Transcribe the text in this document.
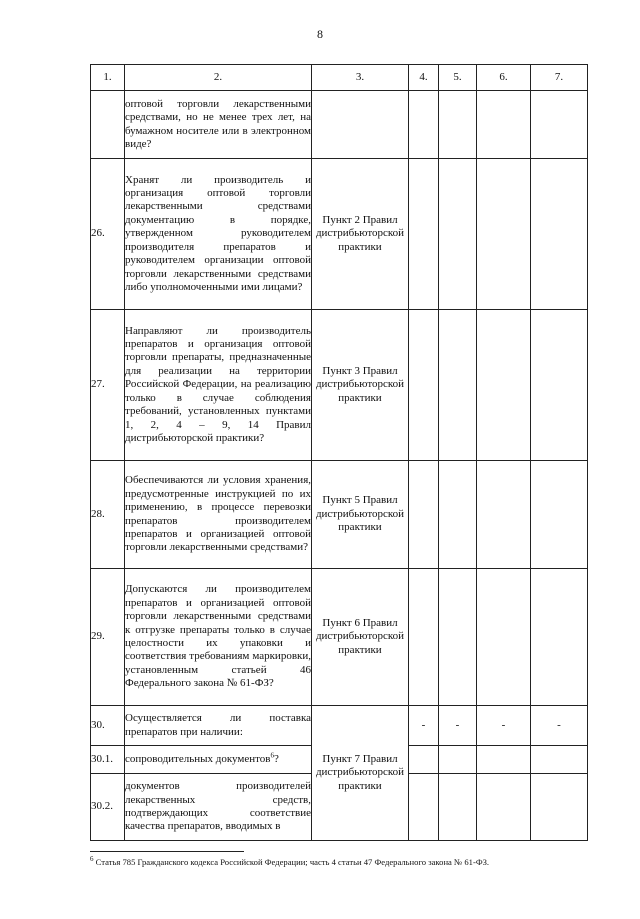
8
1.	2.	3.	4.	5.	6.	7.
	оптовой торговли лекарственными средствами, но не менее трех лет, на бумажном носителе или в электронном виде?					
26.	Хранят ли производитель и организация оптовой торговли лекарственными средствами документацию в порядке, утвержденном руководителем производителя препаратов и руководителем организации оптовой торговли лекарственными средствами либо уполномоченными ими лицами?	Пункт 2 Правил дистрибьюторской практики				
27.	Направляют ли производитель препаратов и организация оптовой торговли препараты, предназначенные для реализации на территории Российской Федерации, на реализацию только в случае соблюдения требований, установленных пунктами 1, 2, 4 – 9, 14 Правил дистрибьюторской практики?	Пункт 3 Правил дистрибьюторской практики				
28.	Обеспечиваются ли условия хранения, предусмотренные инструкцией по их применению, в процессе перевозки препаратов производителем препаратов и организацией оптовой торговли лекарственными средствами?	Пункт 5 Правил дистрибьюторской практики				
29.	Допускаются ли производителем препаратов и организацией оптовой торговли лекарственными средствами к отгрузке препараты только в случае целостности их упаковки и соответствия требованиям маркировки, установленным статьей 46 Федерального закона № 61-ФЗ?	Пункт 6 Правил дистрибьюторской практики				
30.	Осуществляется ли поставка препаратов при наличии:	Пункт 7 Правил дистрибьюторской практики	-	-	-	-
30.1.	сопроводительных документов$^6$?					
30.2.	документов производителей лекарственных средств, подтверждающих соответствие качества препаратов, вводимых в					
$^6$ Статья 785 Гражданского кодекса Российской Федерации; часть 4 статьи 47 Федерального закона № 61-ФЗ.
